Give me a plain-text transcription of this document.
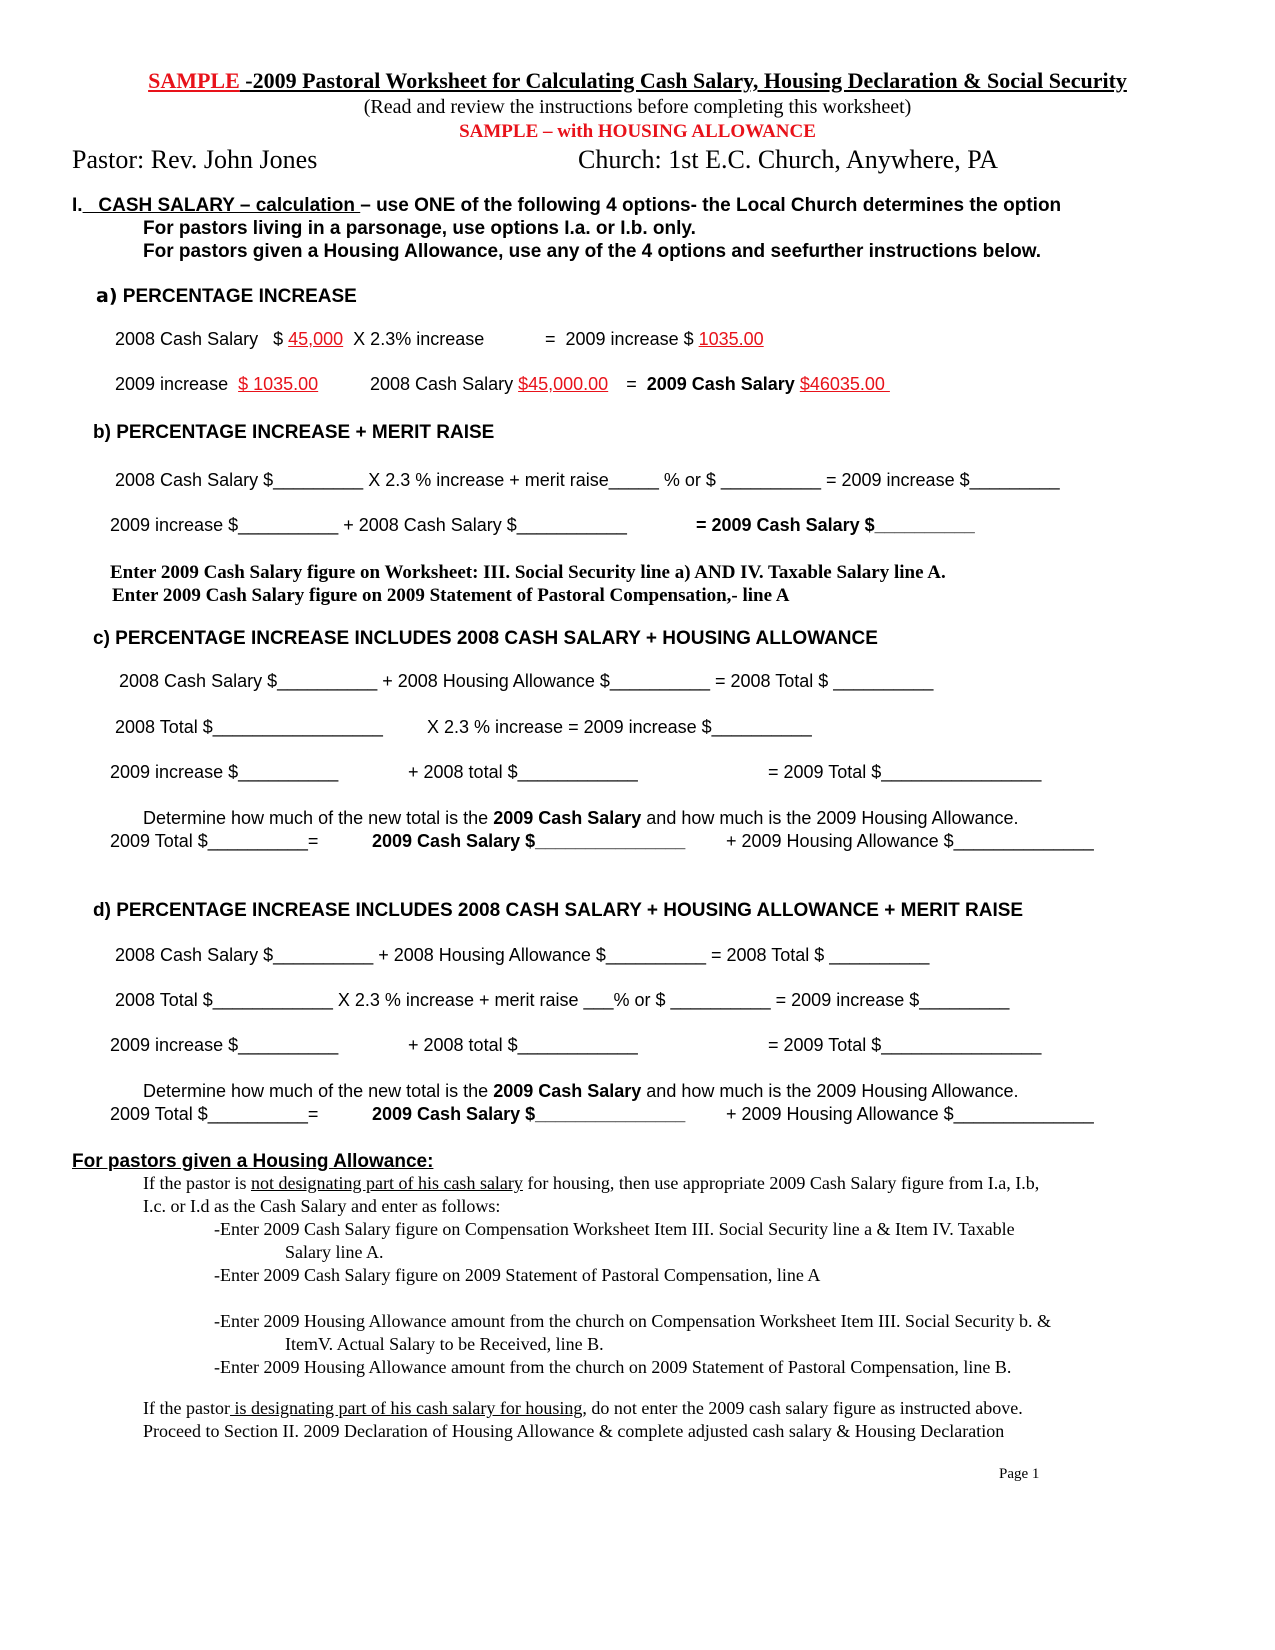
SAMPLE -2009 Pastoral Worksheet for Calculating Cash Salary, Housing Declaration & Social Security
(Read and review the instructions before completing this worksheet)
SAMPLE – with HOUSING ALLOWANCE
Pastor: Rev. John Jones	Church: 1st E.C. Church, Anywhere, PA
I.   CASH SALARY – calculation – use ONE of the following 4 options- the Local Church determines the option
For pastors living in a parsonage, use options I.a. or I.b. only.
For pastors given a Housing Allowance, use any of the 4 options and seefurther instructions below.
a) PERCENTAGE INCREASE
2008 Cash Salary   $ 45,000  X 2.3% increase	=  2009 increase $ 1035.00
2009 increase  $ 1035.00	2008 Cash Salary $45,000.00 =  2009 Cash Salary $46035.00
b) PERCENTAGE INCREASE + MERIT RAISE
2008 Cash Salary $_________ X 2.3 % increase + merit raise_____ % or $ __________ = 2009 increase $_________
2009 increase $__________ + 2008 Cash Salary $___________	= 2009 Cash Salary $__________
Enter 2009 Cash Salary figure on Worksheet: III. Social Security line a) AND IV. Taxable Salary line A.
Enter 2009 Cash Salary figure on 2009 Statement of Pastoral Compensation,- line A
c) PERCENTAGE INCREASE INCLUDES 2008 CASH SALARY + HOUSING ALLOWANCE
2008 Cash Salary $__________ + 2008 Housing Allowance $__________ = 2008 Total $ __________
2008 Total $_________________ X 2.3 % increase = 2009 increase $__________
2009 increase $__________	+ 2008 total $____________	= 2009 Total $________________
Determine how much of the new total is the 2009 Cash Salary and how much is the 2009 Housing Allowance.
2009 Total $__________=	2009 Cash Salary $_______________ + 2009 Housing Allowance $______________
d) PERCENTAGE INCREASE INCLUDES 2008 CASH SALARY + HOUSING ALLOWANCE + MERIT RAISE
2008 Cash Salary $__________ + 2008 Housing Allowance $__________ = 2008 Total $ __________
2008 Total $____________ X 2.3 % increase + merit raise ___% or $ __________ = 2009 increase $_________
2009 increase $__________	+ 2008 total $____________	= 2009 Total $________________
Determine how much of the new total is the 2009 Cash Salary and how much is the 2009 Housing Allowance.
2009 Total $__________=	2009 Cash Salary $_______________ + 2009 Housing Allowance $______________
For pastors given a Housing Allowance:
If the pastor is not designating part of his cash salary for housing, then use appropriate 2009 Cash Salary figure from I.a, I.b,
I.c. or I.d as the Cash Salary and enter as follows:
-Enter 2009 Cash Salary figure on Compensation Worksheet Item III. Social Security line a & Item IV. Taxable
Salary line A.
-Enter 2009 Cash Salary figure on 2009 Statement of Pastoral Compensation, line A
-Enter 2009 Housing Allowance amount from the church on Compensation Worksheet Item III. Social Security b. &
ItemV. Actual Salary to be Received, line B.
-Enter 2009 Housing Allowance amount from the church on 2009 Statement of Pastoral Compensation, line B.
If the pastor is designating part of his cash salary for housing, do not enter the 2009 cash salary figure as instructed above.
Proceed to Section II. 2009 Declaration of Housing Allowance & complete adjusted cash salary & Housing Declaration
Page 1
